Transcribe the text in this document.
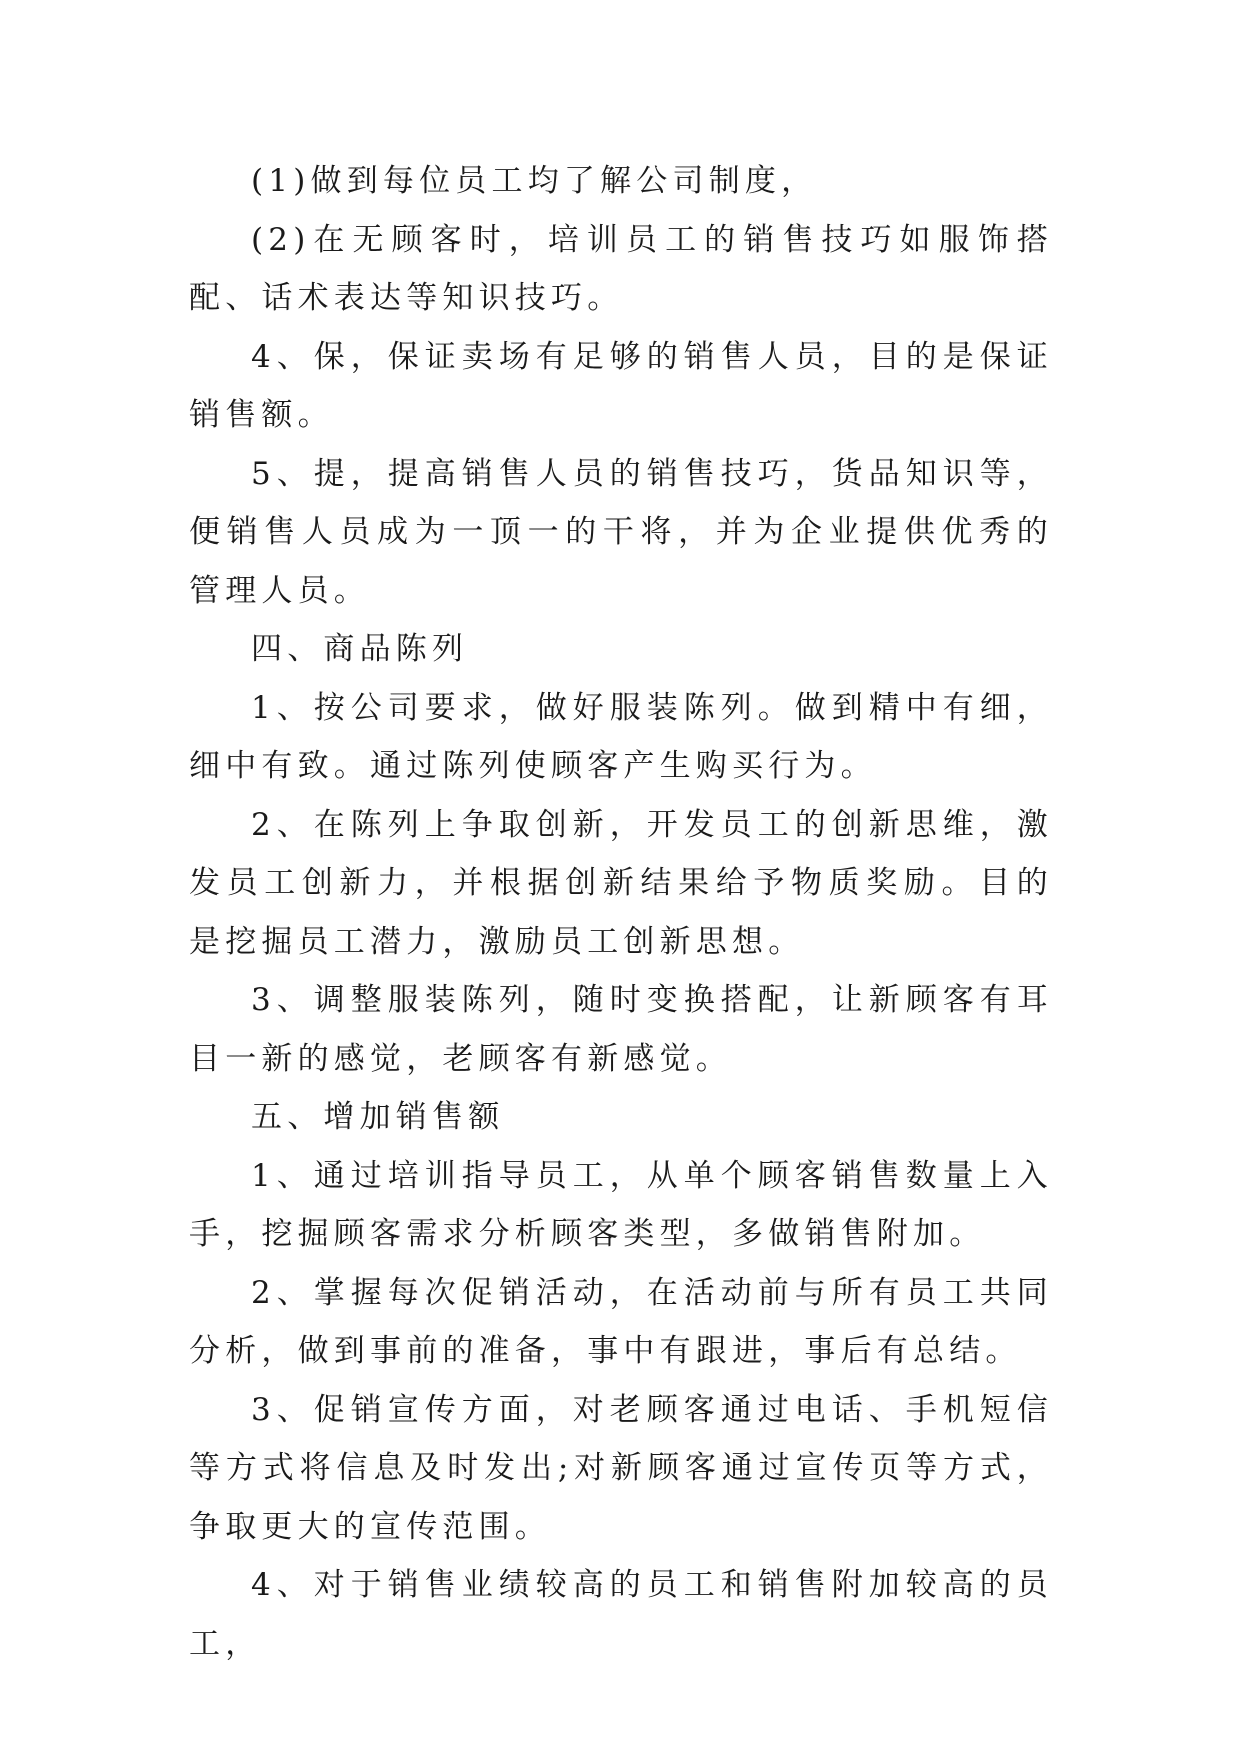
(1)做到每位员工均了解公司制度，

(2)在无顾客时，培训员工的销售技巧如服饰搭配、话术表达等知识技巧。

4、保，保证卖场有足够的销售人员，目的是保证销售额。

5、提，提高销售人员的销售技巧，货品知识等，便销售人员成为一顶一的干将，并为企业提供优秀的管理人员。

四、商品陈列

1、按公司要求，做好服装陈列。做到精中有细，细中有致。通过陈列使顾客产生购买行为。

2、在陈列上争取创新，开发员工的创新思维，激发员工创新力，并根据创新结果给予物质奖励。目的是挖掘员工潜力，激励员工创新思想。

3、调整服装陈列，随时变换搭配，让新顾客有耳目一新的感觉，老顾客有新感觉。

五、增加销售额

1、通过培训指导员工，从单个顾客销售数量上入手，挖掘顾客需求分析顾客类型，多做销售附加。

2、掌握每次促销活动，在活动前与所有员工共同分析，做到事前的准备，事中有跟进，事后有总结。

3、促销宣传方面，对老顾客通过电话、手机短信等方式将信息及时发出;对新顾客通过宣传页等方式，争取更大的宣传范围。

4、对于销售业绩较高的员工和销售附加较高的员工，
